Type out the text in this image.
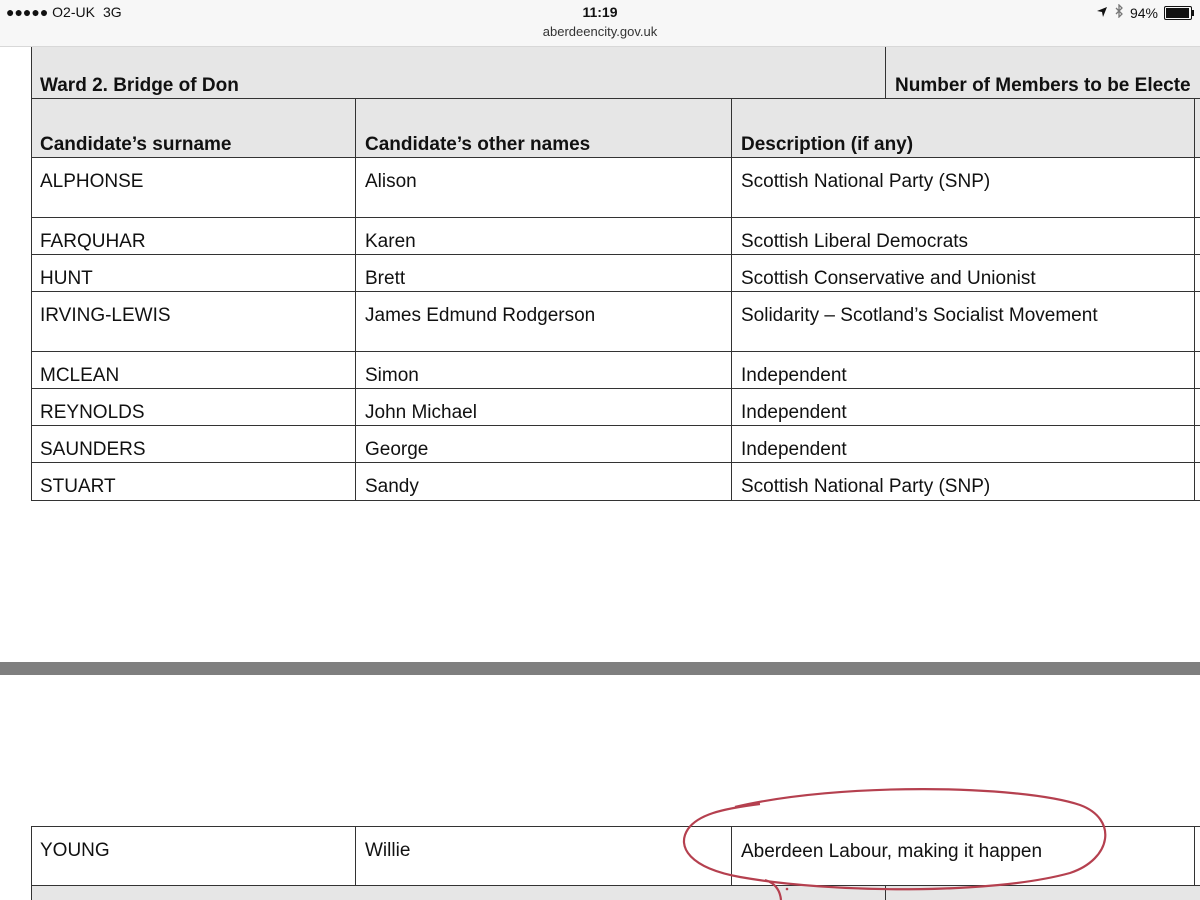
●●●●● O2-UK 3G	11:19
aberdeencity.gov.uk
94%
Ward 2. Bridge of Don	Number of Members to be Electe
Candidate’s surname	Candidate’s other names	Description (if any)
ALPHONSE	Alison	Scottish National Party (SNP)
FARQUHAR	Karen	Scottish Liberal Democrats
HUNT	Brett	Scottish Conservative and Unionist
IRVING-LEWIS	James Edmund Rodgerson	Solidarity – Scotland’s Socialist Movement
MCLEAN	Simon	Independent
REYNOLDS	John Michael	Independent
SAUNDERS	George	Independent
STUART	Sandy	Scottish National Party (SNP)
YOUNG	Willie	Aberdeen Labour, making it happen
